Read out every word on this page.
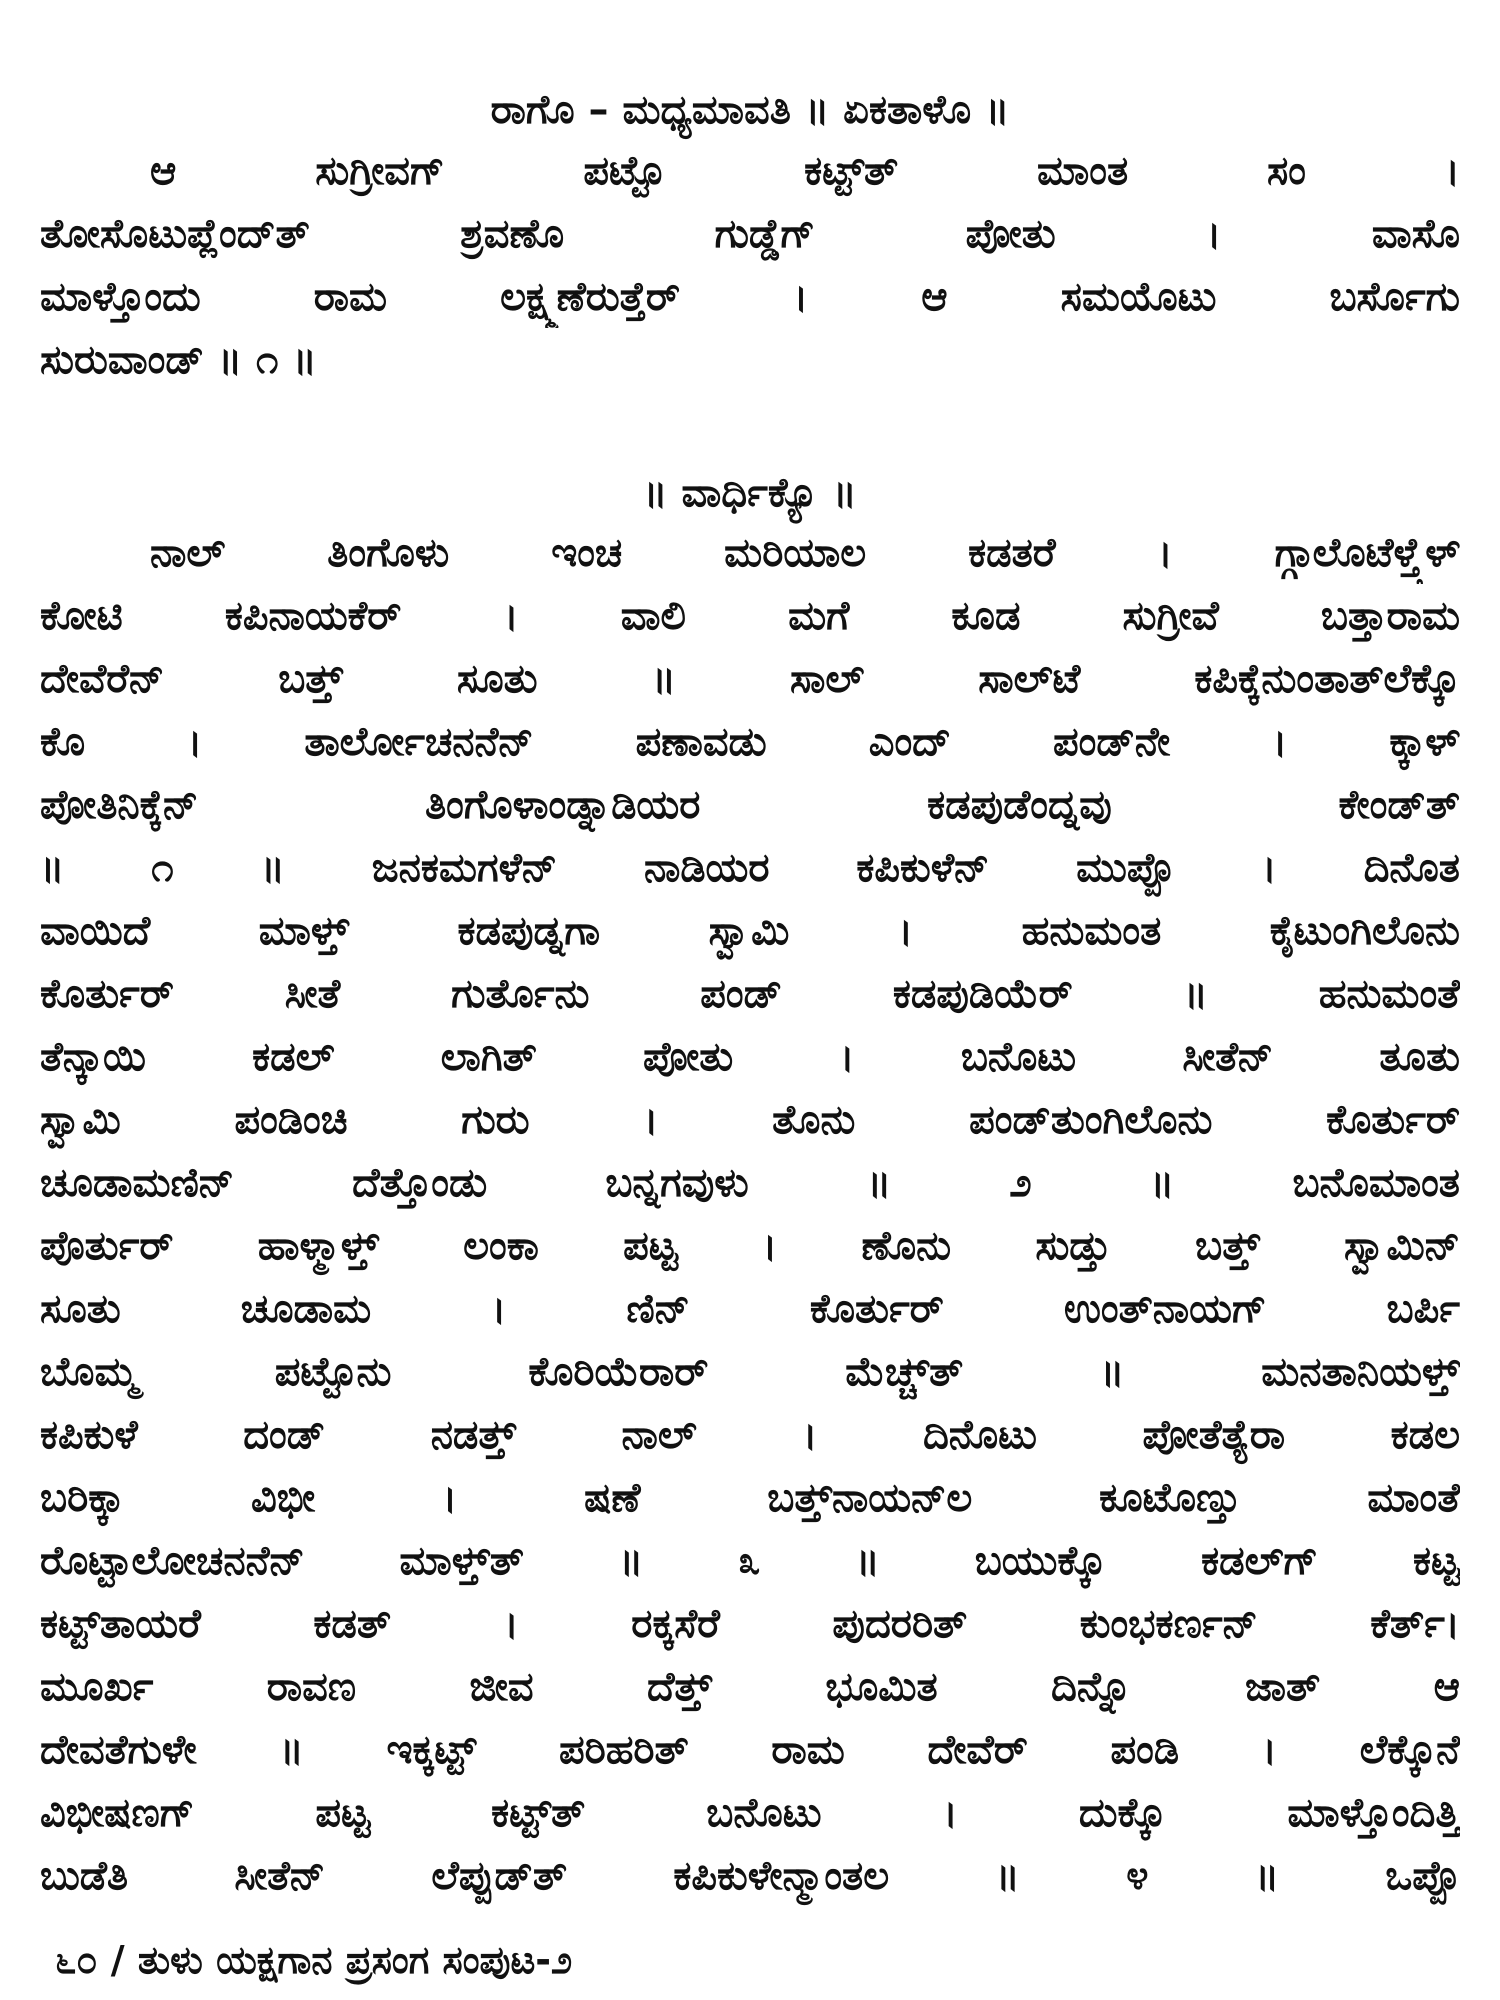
ರಾಗೊ – ಮಧ್ಯಮಾವತಿ ॥ ಏಕತಾಳೊ ॥
ಆ ಸುಗ್ರೀವಗ್ ಪಟ್ಟೊ ಕಟ್ಟ್‌ತ್ ಮಾಂತ ಸಂ ।
ತೋಸೊಟುಪ್ಲೆಂದ್‌ತ್ ಶ್ರವಣೊ ಗುಡ್ಡೆಗ್ ಪೋತು । ವಾಸೊ
ಮಾಳ್ತೊಂದು ರಾಮ ಲಕ್ಷ್ಮಣೆರುತ್ತೆರ್ । ಆ ಸಮಯೊಟು ಬರ್ಸೊಗು
ಸುರುವಾಂಡ್ ॥ ೧ ॥
॥ ವಾರ್ಧಿಕ್ಯೊ ॥
ನಾಲ್ ತಿಂಗೊಳು ಇಂಚ ಮರಿಯಾಲ ಕಡತರೆ । ಗ್ಗಾಲೊಟೆಳ್ತ್ತೆಳ್
ಕೋಟಿ ಕಪಿನಾಯಕೆರ್ । ವಾಲಿ ಮಗೆ ಕೂಡ ಸುಗ್ರೀವೆ ಬತ್ತಾರಾಮ
ದೇವೆರೆನ್ ಬತ್ತ್ ಸೂತು ॥ ಸಾಲ್ ಸಾಲ್‌ಟೆ ಕಪಿಕ್ಕೆನುಂತಾತ್‌ಲೆಕ್ಕೊ
ಕೊ । ತಾರ್ಲೋಚನನೆನ್ ಪಣಾವಡು ಎಂದ್ ಪಂಡ್‌ನೇ । ಕ್ಕಾಳ್
ಪೋತಿನಿಕ್ಕೆನ್ ತಿಂಗೊಳಾಂಡ್ನಾಡಿಯರ ಕಡಪುಡೆಂದ್ನವು ಕೇಂಡ್‌ತ್
॥ ೧ ॥ ಜನಕಮಗಳೆನ್ ನಾಡಿಯರ ಕಪಿಕುಳೆನ್ ಮುಪ್ಪೊ । ದಿನೊತ
ವಾಯಿದೆ ಮಾಳ್ತ್ ಕಡಪುಡ್ನಗಾ ಸ್ವಾಮಿ । ಹನುಮಂತ ಕೈಟುಂಗಿಲೊನು
ಕೊರ್ತುರ್ ಸೀತೆ ಗುರ್ತೊನು ಪಂಡ್ ಕಡಪುಡಿಯೆರ್ ॥ ಹನುಮಂತೆ
ತೆನ್ಕಾಯಿ ಕಡಲ್ ಲಾಗಿತ್ ಪೋತು । ಬನೊಟು ಸೀತೆನ್ ತೂತು
ಸ್ವಾಮಿ ಪಂಡಿಂಚಿ ಗುರು । ತೊನು ಪಂಡ್‌ತುಂಗಿಲೊನು ಕೊರ್ತುರ್
ಚೂಡಾಮಣಿನ್ ದೆತ್ತೊಂಡು ಬನ್ನಗವುಳು ॥ ೨ ॥ ಬನೊಮಾಂತ
ಪೊರ್ತುರ್ ಹಾಳ್ಮಾಳ್ತ್ ಲಂಕಾ ಪಟ್ಟ । ಣೊನು ಸುಡ್ತು ಬತ್ತ್ ಸ್ವಾಮಿನ್
ಸೂತು ಚೂಡಾಮ । ಣಿನ್ ಕೊರ್ತುರ್ ಉಂತ್‌ನಾಯಗ್ ಬರ್ಪಿ
ಬೊಮ್ಮ ಪಟ್ಟೊನು ಕೊರಿಯೆರಾರ್ ಮೆಚ್ಚ್‌ತ್ ॥ ಮನತಾನಿಯಳ್ತ್
ಕಪಿಕುಳೆ ದಂಡ್ ನಡತ್ತ್ ನಾಲ್ । ದಿನೊಟು ಪೋತೆತ್ಯೆರಾ ಕಡಲ
ಬರಿಕ್ಕಾ ವಿಭೀ । ಷಣೆ ಬತ್ತ್‌ನಾಯನ್‌ಲ ಕೂಟೊಣ್ತು ಮಾಂತೆ
ರೊಟ್ಟಾಲೋಚನನೆನ್ ಮಾಳ್ತ್‌ತ್ ॥ ೩ ॥ ಬಯುಕ್ಕೊ ಕಡಲ್‌ಗ್ ಕಟ್ಟ
ಕಟ್ಟ್‌ತಾಯರೆ ಕಡತ್ । ರಕ್ಕಸೆರೆ ಪುದರರಿತ್ ಕುಂಭಕರ್ಣನ್ ಕೆರ್ತ್।
ಮೂರ್ಖ ರಾವಣ ಜೀವ ದೆತ್ತ್ ಭೂಮಿತ ದಿನ್ನೊ ಜಾತ್ ಆ
ದೇವತೆಗುಳೇ ॥ ಇಕ್ಕಟ್ಟ್ ಪರಿಹರಿತ್ ರಾಮ ದೇವೆರ್ ಪಂಡಿ । ಲೆಕ್ಕೊನೆ
ವಿಭೀಷಣಗ್ ಪಟ್ಟ ಕಟ್ಟ್‌ತ್ ಬನೊಟು । ದುಕ್ಕೊ ಮಾಳ್ತೊಂದಿತ್ತಿ
ಬುಡೆತಿ ಸೀತೆನ್ ಲೆಪ್ಪುಡ್‌ತ್ ಕಪಿಕುಳೇನ್ಮಾಂತಲ ॥ ೪ ॥ ಒಪ್ಪೊ
೬೦ / ತುಳು ಯಕ್ಷಗಾನ ಪ್ರಸಂಗ ಸಂಪುಟ-೨
